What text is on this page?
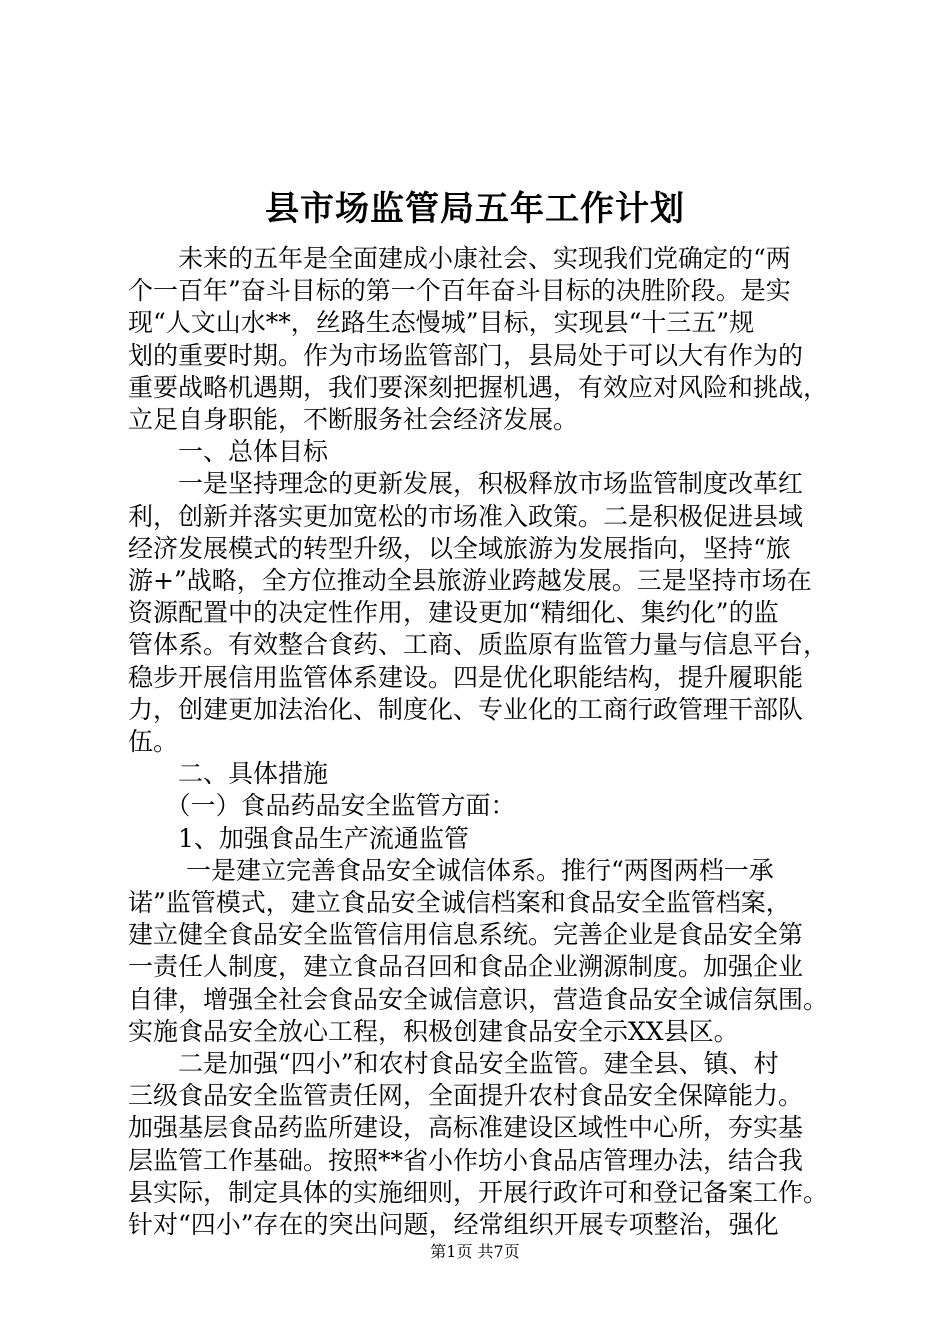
县市场监管局五年工作计划
　　未来的五年是全面建成小康社会、实现我们党确定的“两
个一百年”奋斗目标的第一个百年奋斗目标的决胜阶段。是实
现“人文山水**，丝路生态慢城”目标，实现县“十三五”规
划的重要时期。作为市场监管部门，县局处于可以大有作为的
重要战略机遇期，我们要深刻把握机遇，有效应对风险和挑战，
立足自身职能，不断服务社会经济发展。
　　一、总体目标
　　一是坚持理念的更新发展，积极释放市场监管制度改革红
利，创新并落实更加宽松的市场准入政策。二是积极促进县域
经济发展模式的转型升级，以全域旅游为发展指向，坚持“旅
游+”战略，全方位推动全县旅游业跨越发展。三是坚持市场在
资源配置中的决定性作用，建设更加“精细化、集约化”的监
管体系。有效整合食药、工商、质监原有监管力量与信息平台，
稳步开展信用监管体系建设。四是优化职能结构，提升履职能
力，创建更加法治化、制度化、专业化的工商行政管理干部队
伍。
　　二、具体措施
　　（一）食品药品安全监管方面：
　　1、加强食品生产流通监管
　　 一是建立完善食品安全诚信体系。推行“两图两档一承
诺”监管模式，建立食品安全诚信档案和食品安全监管档案，
建立健全食品安全监管信用信息系统。完善企业是食品安全第
一责任人制度，建立食品召回和食品企业溯源制度。加强企业
自律，增强全社会食品安全诚信意识，营造食品安全诚信氛围。
实施食品安全放心工程，积极创建食品安全示XX县区。
　　二是加强“四小”和农村食品安全监管。建全县、镇、村
三级食品安全监管责任网，全面提升农村食品安全保障能力。
加强基层食品药监所建设，高标准建设区域性中心所，夯实基
层监管工作基础。按照**省小作坊小食品店管理办法，结合我
县实际，制定具体的实施细则，开展行政许可和登记备案工作。
针对“四小”存在的突出问题，经常组织开展专项整治，强化
第1页 共7页
